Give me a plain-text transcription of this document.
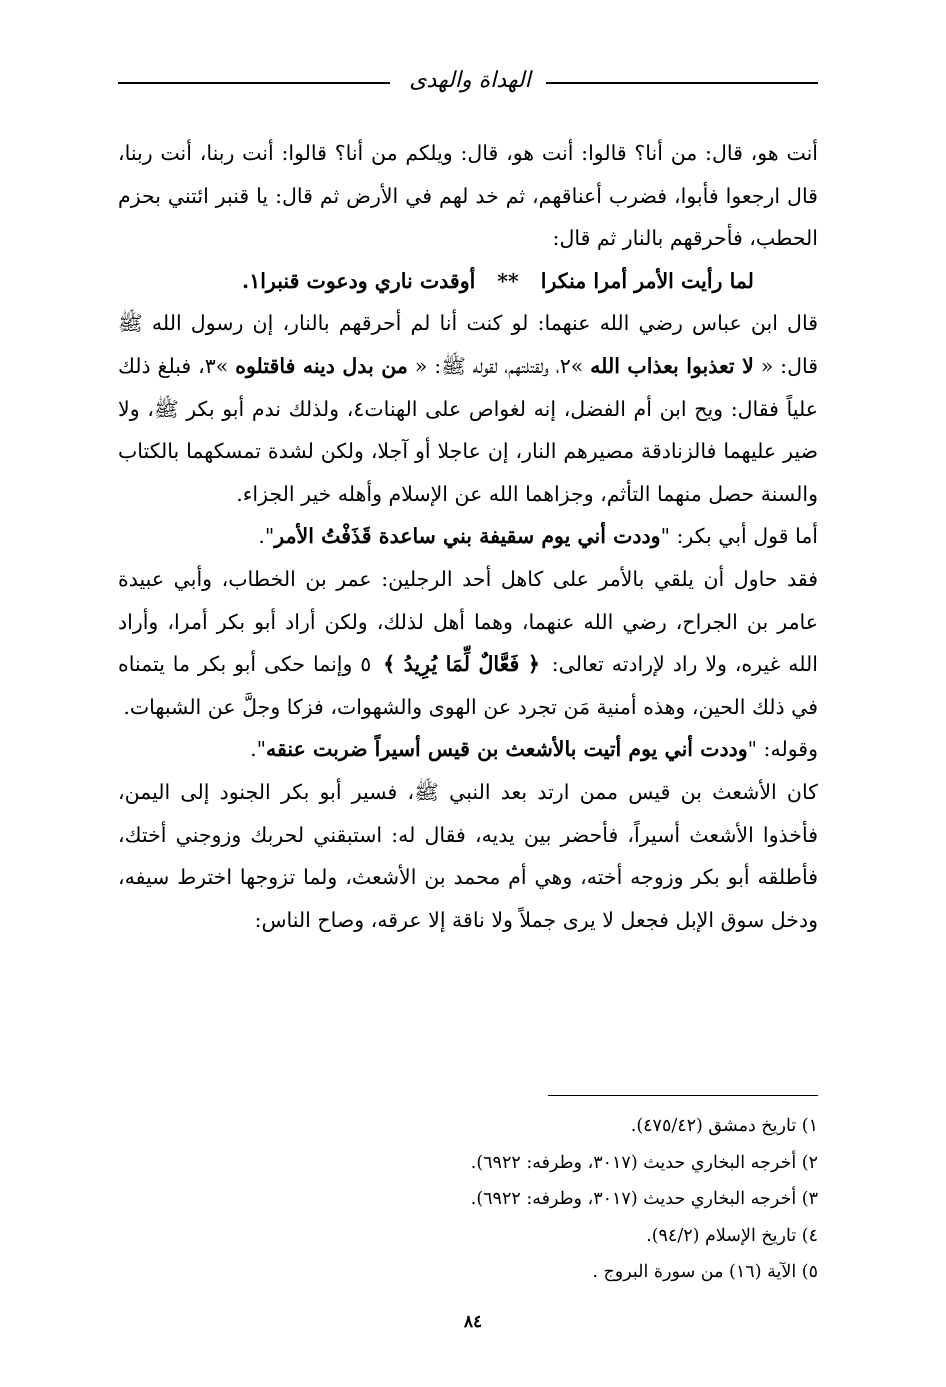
الهداة والهدى

أنت هو، قال: من أنا؟ قالوا: أنت هو، قال: ويلكم من أنا؟ قالوا: أنت ربنا، أنت ربنا، قال ارجعوا فأبوا، فضرب أعناقهم، ثم خد لهم في الأرض ثم قال: يا قنبر ائتني بحزم الحطب، فأحرقهم بالنار ثم قال:

لما رأيت الأمر أمرا منكرا**أوقدت ناري ودعوت قنبرا١.

قال ابن عباس رضي الله عنهما: لو كنت أنا لم أحرقهم بالنار، إن رسول الله ﷺ قال: « لا تعذبوا بعذاب الله »٢، ولقتلتهم، لقوله ﷺ: « من بدل دينه فاقتلوه »٣، فبلغ ذلك علياً فقال: ويح ابن أم الفضل، إنه لغواص على الهنات٤، ولذلك ندم أبو بكر ﷺ، ولا ضير عليهما فالزنادقة مصيرهم النار، إن عاجلا أو آجلا، ولكن لشدة تمسكهما بالكتاب والسنة حصل منهما التأثم، وجزاهما الله عن الإسلام وأهله خير الجزاء.

أما قول أبي بكر: "وددت أني يوم سقيفة بني ساعدة قَذَفْتُ الأمر".

فقد حاول أن يلقي بالأمر على كاهل أحد الرجلين: عمر بن الخطاب، وأبي عبيدة عامر بن الجراح، رضي الله عنهما، وهما أهل لذلك، ولكن أراد أبو بكر أمرا، وأراد الله غيره، ولا راد لإرادته تعالى: ﴿ فَعَّالٌ لِّمَا يُرِيدُ ﴾ ٥ وإنما حكى أبو بكر ما يتمناه في ذلك الحين، وهذه أمنية مَن تجرد عن الهوى والشهوات، فزكا وجلَّ عن الشبهات.

وقوله: "وددت أني يوم أتيت بالأشعث بن قيس أسيراً ضربت عنقه".

كان الأشعث بن قيس ممن ارتد بعد النبي ﷺ، فسير أبو بكر الجنود إلى اليمن، فأخذوا الأشعث أسيراً، فأحضر بين يديه، فقال له: استبقني لحربك وزوجني أختك، فأطلقه أبو بكر وزوجه أخته، وهي أم محمد بن الأشعث، ولما تزوجها اخترط سيفه، ودخل سوق الإبل فجعل لا يرى جملاً ولا ناقة إلا عرقه، وصاح الناس:

١) تاريخ دمشق (٤٧٥/٤٢).
٢) أخرجه البخاري حديث (٣٠١٧، وطرفه: ٦٩٢٢).
٣) أخرجه البخاري حديث (٣٠١٧، وطرفه: ٦٩٢٢).
٤) تاريخ الإسلام (٩٤/٢).
٥) الآية (١٦) من سورة البروج .
٨٤
